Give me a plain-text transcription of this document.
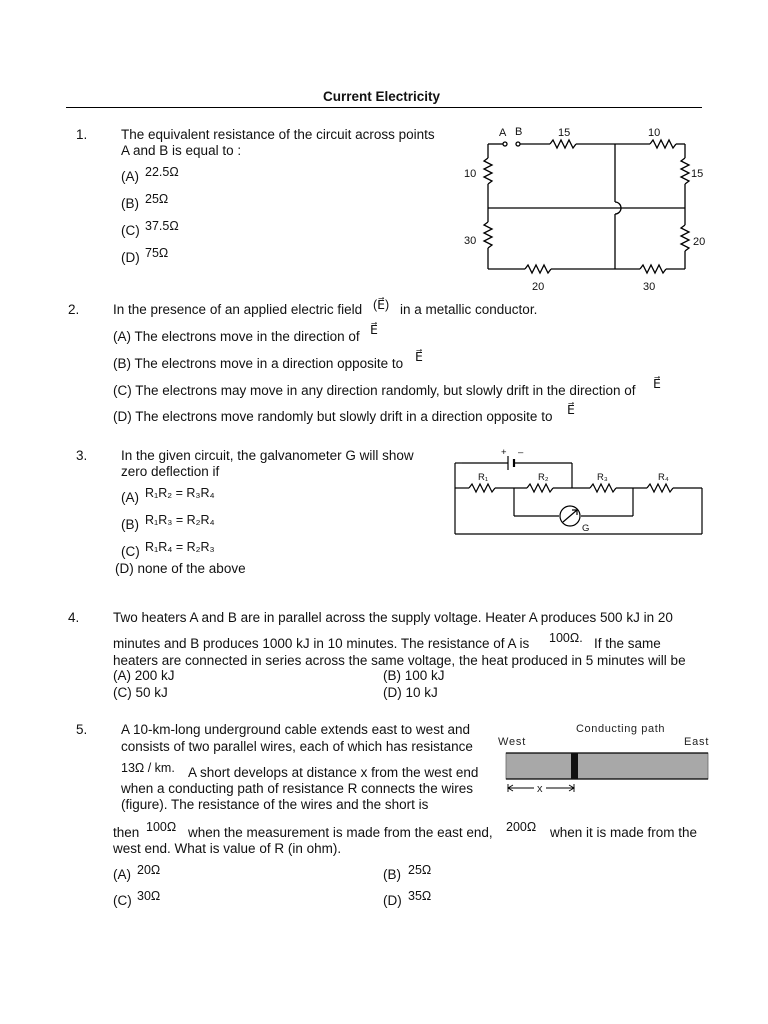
Current Electricity
1. The equivalent resistance of the circuit across points
A and B is equal to :
(A) 22.5Ω
(B) 25Ω
(C) 37.5Ω
(D) 75Ω
A B	15	10
10	15
30	20
20	30
2. In the presence of an applied electric field (E⃗) in a metallic conductor.
(A) The electrons move in the direction of E⃗
(B) The electrons move in a direction opposite to E⃗
(C) The electrons may move in any direction randomly, but slowly drift in the direction of E⃗
(D) The electrons move randomly but slowly drift in a direction opposite to E⃗
3. In the given circuit, the galvanometer G will show
zero deflection if
(A) R₁R₂ = R₃R₄
(B) R₁R₃ = R₂R₄
(C) R₁R₄ = R₂R₃
(D) none of the above
+ –
R₁	R₂	R₃	R₄
G
4. Two heaters A and B are in parallel across the supply voltage. Heater A produces 500 kJ in 20
minutes and B produces 1000 kJ in 10 minutes. The resistance of A is 100Ω. If the same
heaters are connected in series across the same voltage, the heat produced in 5 minutes will be
(A) 200 kJ	(B) 100 kJ
(C) 50 kJ	(D) 10 kJ
5. A 10-km-long underground cable extends east to west and
consists of two parallel wires, each of which has resistance
13Ω / km. A short develops at distance x from the west end
when a conducting path of resistance R connects the wires
(figure). The resistance of the wires and the short is
then 100Ω when the measurement is made from the east end, 200Ω when it is made from the
west end. What is value of R (in ohm).
(A) 20Ω	(B) 25Ω
(C) 30Ω	(D) 35Ω
Conducting path
West	East
x
